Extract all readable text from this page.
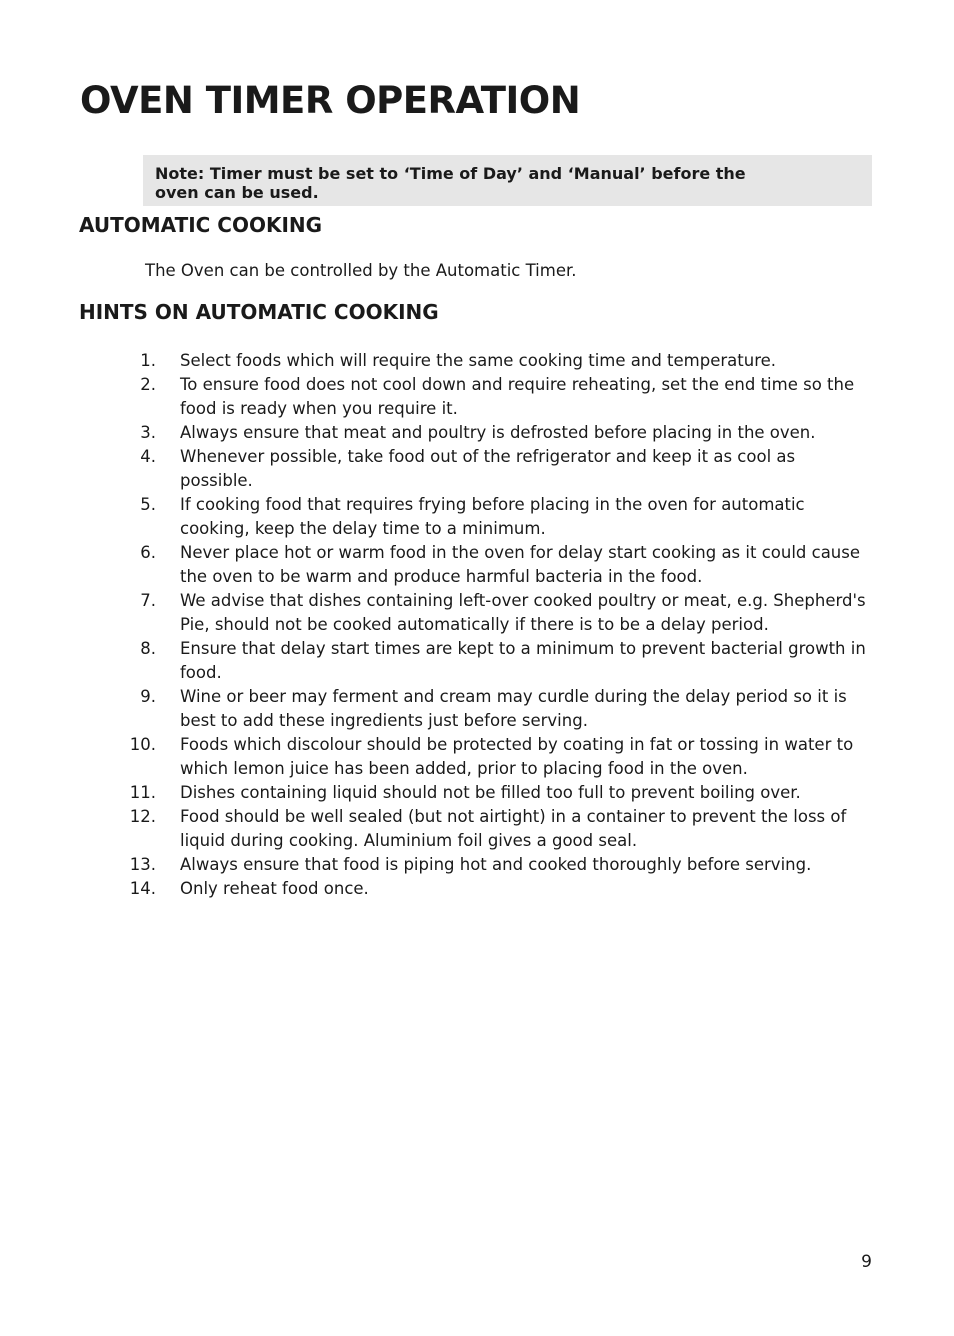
OVEN TIMER OPERATION

Note: Timer must be set to ‘Time of Day’ and ‘Manual’ before the oven can be used.

AUTOMATIC COOKING

The Oven can be controlled by the Automatic Timer.

HINTS ON AUTOMATIC COOKING
1. Select foods which will require the same cooking time and temperature.
2. To ensure food does not cool down and require reheating, set the end time so the food is ready when you require it.
3. Always ensure that meat and poultry is defrosted before placing in the oven.
4. Whenever possible, take food out of the refrigerator and keep it as cool as possible.
5. If cooking food that requires frying before placing in the oven for automatic cooking, keep the delay time to a minimum.
6. Never place hot or warm food in the oven for delay start cooking as it could cause the oven to be warm and produce harmful bacteria in the food.
7. We advise that dishes containing left-over cooked poultry or meat, e.g. Shepherd's Pie, should not be cooked automatically if there is to be a delay period.
8. Ensure that delay start times are kept to a minimum to prevent bacterial growth in food.
9. Wine or beer may ferment and cream may curdle during the delay period so it is best to add these ingredients just before serving.
10. Foods which discolour should be protected by coating in fat or tossing in water to which lemon juice has been added, prior to placing food in the oven.
11. Dishes containing liquid should not be filled too full to prevent boiling over.
12. Food should be well sealed (but not airtight) in a container to prevent the loss of liquid during cooking. Aluminium foil gives a good seal.
13. Always ensure that food is piping hot and cooked thoroughly before serving.
14. Only reheat food once.
9
